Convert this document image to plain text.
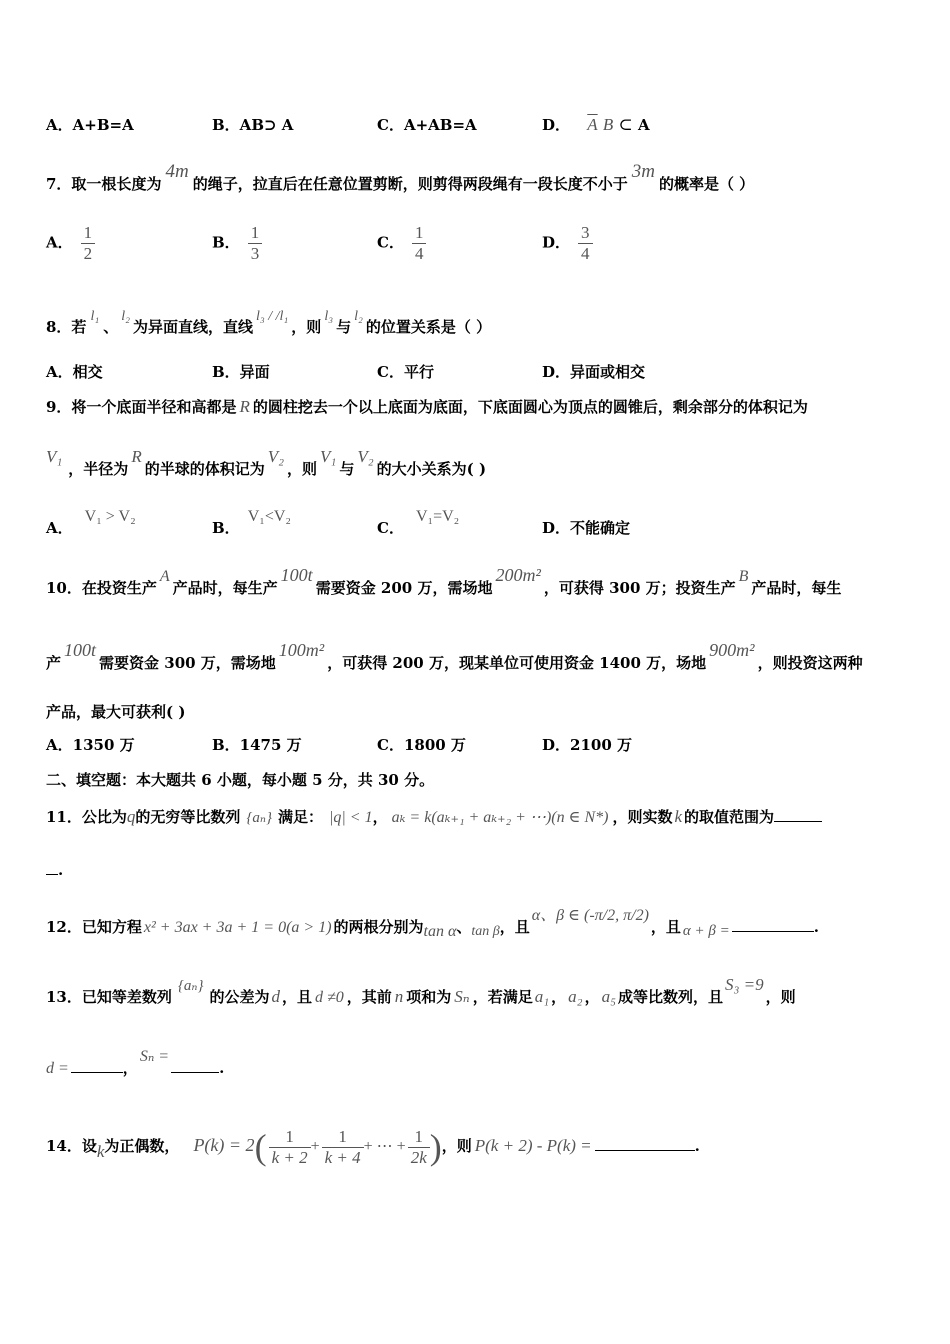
A．A+B=A	B．AB⊃ A	C．A+AB=A	D． $\overline{A}$ B ⊂ A
7．取一根长度为4m的绳子，拉直后在任意位置剪断，则剪得两段绳有一段长度不小于3m的概率是（ ）
A． $\frac{1}{2}$	B． $\frac{1}{3}$	C． $\frac{1}{4}$	D． $\frac{3}{4}$
8．若l₁、l₂为异面直线，直线l₃ / /l₁，则l₃与l₂的位置关系是（ ）
A．相交	B．异面	C．平行	D．异面或相交
9．将一个底面半径和高都是 R 的圆柱挖去一个以上底面为底面，下底面圆心为顶点的圆锥后，剩余部分的体积记为
V₁，半径为R的半球的体积记为V₂，则V₁与V₂的大小关系为( )
A．V₁ > V₂
B．V₁<V₂
C．V₁=V₂
D．不能确定
10．在投资生产A产品时，每生产100t需要资金 200 万，需场地200m²，可获得 300 万；投资生产B产品时，每生
产100t需要资金 300 万，需场地100m²，可获得 200 万，现某单位可使用资金 1400 万，场地900m²，则投资这两种
产品，最大可获利( )
A．1350 万	B．1475 万	C．1800 万	D．2100 万
二、填空题：本大题共 6 小题，每小题 5 分，共 30 分。
11．公比为q的无穷等比数列 {aₙ} 满足： |q| < 1， aₖ = k(aₖ₊₁ + aₖ₊₂ + ⋯)(n ∈ N*) ，则实数 k 的取值范围为
.
12．已知方程 x² + 3ax + 3a + 1 = 0(a > 1) 的两根分别为tan α、tan β，且α、β ∈ (-π/2, π/2)，且 α + β =	.
13．已知等差数列{aₙ}的公差为 d ，且 d ≠0 ，其前 n 项和为 Sₙ ，若满足 a₁ ， a₂ ， a₅ 成等比数列，且S₃ =9，则
d =	，Sₙ =.
14．设k为正偶数， $P(k) = 2( \frac{1}{k + 2} + \frac{1}{k + 4}$ + ⋯ + $\frac{1}{2k}$ )，则 P(k + 2) - P(k) =	.
